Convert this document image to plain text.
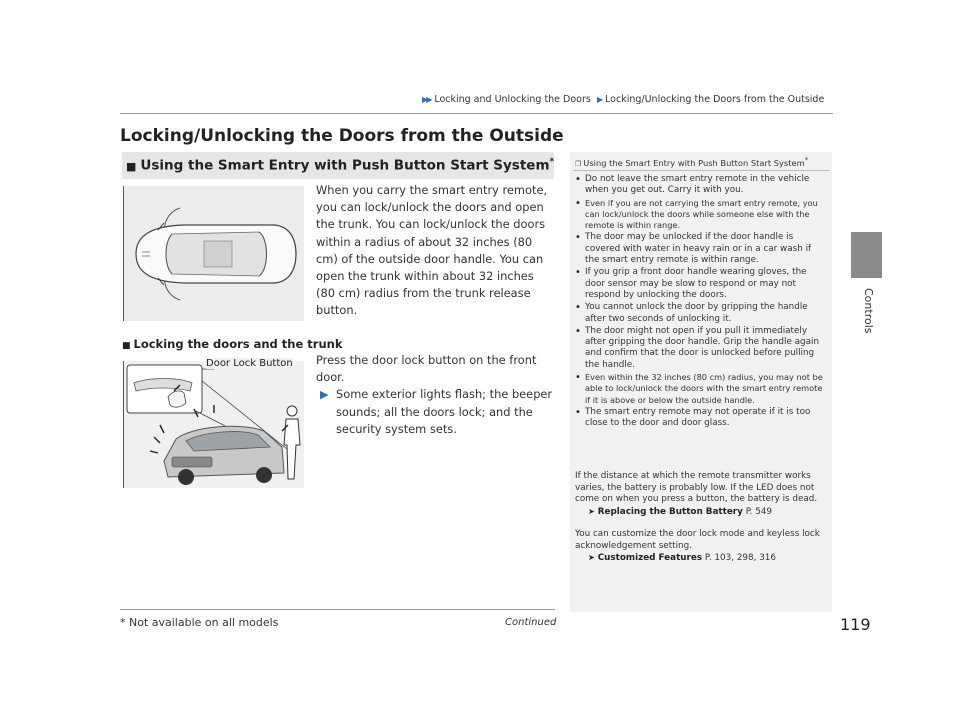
▶▶ Locking and Unlocking the Doors ▶ Locking/Unlocking the Doors from the Outside
Controls
Locking/Unlocking the Doors from the Outside
■ Using the Smart Entry with Push Button Start System*
When you carry the smart entry remote, you can lock/unlock the doors and open the trunk. You can lock/unlock the doors within a radius of about 32 inches (80 cm) of the outside door handle. You can open the trunk within about 32 inches (80 cm) radius from the trunk release button.
■ Locking the doors and the trunk
Door Lock Button Press the door lock button on the front door.
▶ Some exterior lights flash; the beeper sounds; all the doors lock; and the security system sets.
❐ Using the Smart Entry with Push Button Start System*
• Do not leave the smart entry remote in the vehicle when you get out. Carry it with you.
• Even if you are not carrying the smart entry remote, you can lock/unlock the doors while someone else with the remote is within range.
• The door may be unlocked if the door handle is covered with water in heavy rain or in a car wash if the smart entry remote is within range.
• If you grip a front door handle wearing gloves, the door sensor may be slow to respond or may not respond by unlocking the doors.
• You cannot unlock the door by gripping the handle after two seconds of unlocking it.
• The door might not open if you pull it immediately after gripping the door handle. Grip the handle again and confirm that the door is unlocked before pulling the handle.
• Even within the 32 inches (80 cm) radius, you may not be able to lock/unlock the doors with the smart entry remote if it is above or below the outside handle.
• The smart entry remote may not operate if it is too close to the door and door glass.
If the distance at which the remote transmitter works varies, the battery is probably low. If the LED does not come on when you press a button, the battery is dead.
➤ Replacing the Button Battery P. 549
You can customize the door lock mode and keyless lock acknowledgement setting.
➤ Customized Features P. 103, 298, 316
* Not available on all models	Continued	119
